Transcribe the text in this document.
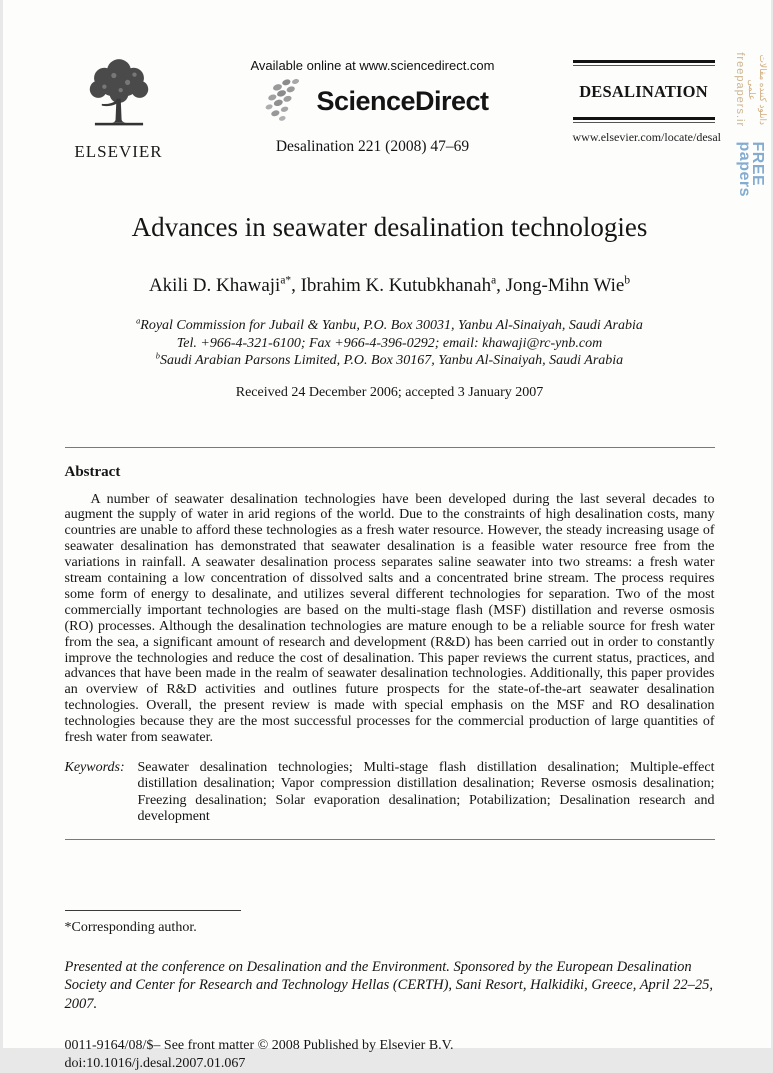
دانلود کننده مقالات علمی
freepapers.ir
FREE
papers
ELSEVIER
Available online at www.sciencedirect.com
ScienceDirect
Desalination 221 (2008) 47–69
DESALINATION
www.elsevier.com/locate/desal
Advances in seawater desalination technologies
Akili D. Khawaji$^{a*}$, Ibrahim K. Kutubkhanah$^a$, Jong-Mihn Wie$^b$
$^a$Royal Commission for Jubail & Yanbu, P.O. Box 30031, Yanbu Al-Sinaiyah, Saudi Arabia
Tel. +966-4-321-6100; Fax +966-4-396-0292; email: khawaji@rc-ynb.com
$^b$Saudi Arabian Parsons Limited, P.O. Box 30167, Yanbu Al-Sinaiyah, Saudi Arabia
Received 24 December 2006; accepted 3 January 2007
Abstract
A number of seawater desalination technologies have been developed during the last several decades to augment the supply of water in arid regions of the world. Due to the constraints of high desalination costs, many countries are unable to afford these technologies as a fresh water resource. However, the steady increasing usage of seawater desalination has demonstrated that seawater desalination is a feasible water resource free from the variations in rainfall. A seawater desalination process separates saline seawater into two streams: a fresh water stream containing a low concentration of dissolved salts and a concentrated brine stream. The process requires some form of energy to desalinate, and utilizes several different technologies for separation. Two of the most commercially important technologies are based on the multi-stage flash (MSF) distillation and reverse osmosis (RO) processes. Although the desalination technologies are mature enough to be a reliable source for fresh water from the sea, a significant amount of research and development (R&D) has been carried out in order to constantly improve the technologies and reduce the cost of desalination. This paper reviews the current status, practices, and advances that have been made in the realm of seawater desalination technologies. Additionally, this paper provides an overview of R&D activities and outlines future prospects for the state-of-the-art seawater desalination technologies. Overall, the present review is made with special emphasis on the MSF and RO desalination technologies because they are the most successful processes for the commercial production of large quantities of fresh water from seawater.
Keywords: Seawater desalination technologies; Multi-stage flash distillation desalination; Multiple-effect distillation desalination; Vapor compression distillation desalination; Reverse osmosis desalination; Freezing desalination; Solar evaporation desalination; Potabilization; Desalination research and development
*Corresponding author.
Presented at the conference on Desalination and the Environment. Sponsored by the European Desalination Society and Center for Research and Technology Hellas (CERTH), Sani Resort, Halkidiki, Greece, April 22–25, 2007.
0011-9164/08/$– See front matter © 2008 Published by Elsevier B.V.
doi:10.1016/j.desal.2007.01.067
